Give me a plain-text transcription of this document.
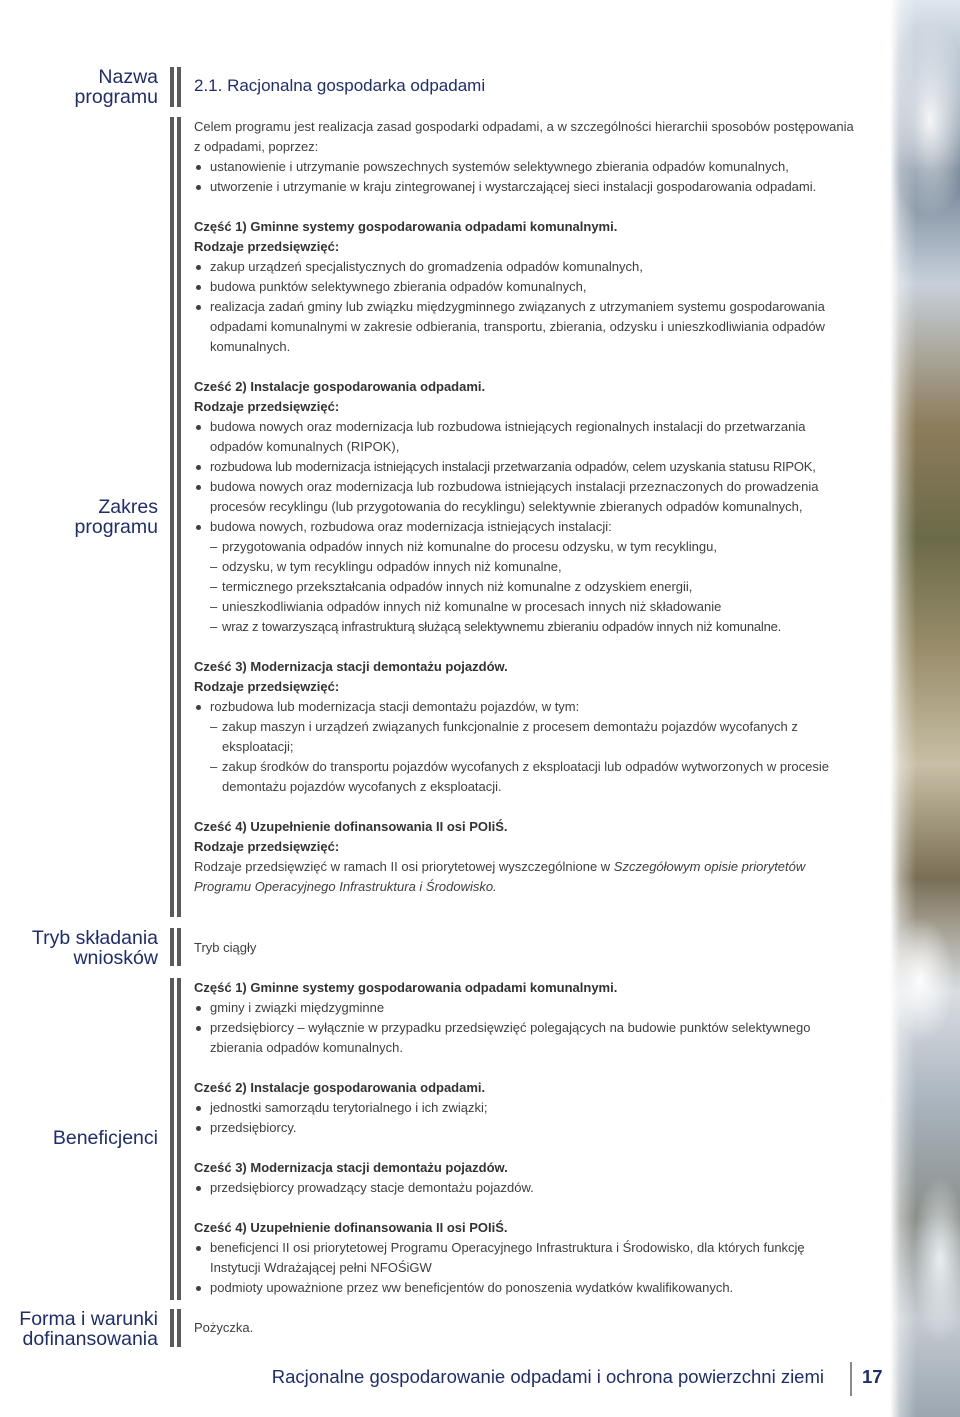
Nazwa
programu

2.1. Racjonalna gospodarka odpadami

Zakres
programu

Celem programu jest realizacja zasad gospodarki odpadami, a w szczególności hierarchii sposobów postępowania z odpadami, poprzez:

ustanowienie i utrzymanie powszechnych systemów selektywnego zbierania odpadów komunalnych,

utworzenie i utrzymanie w kraju zintegrowanej i wystarczającej sieci instalacji gospodarowania odpadami.

Część 1) Gminne systemy gospodarowania odpadami komunalnymi.

Rodzaje przedsięwzięć:

zakup urządzeń specjalistycznych do gromadzenia odpadów komunalnych,

budowa punktów selektywnego zbierania odpadów komunalnych,

realizacja zadań gminy lub związku międzygminnego związanych z utrzymaniem systemu gospodarowania odpadami komunalnymi w zakresie odbierania, transportu, zbierania, odzysku i unieszkodliwiania odpadów komunalnych.

Cześć 2) Instalacje gospodarowania odpadami.

Rodzaje przedsięwzięć:

budowa nowych oraz modernizacja lub rozbudowa istniejących regionalnych instalacji do przetwarzania odpadów komunalnych (RIPOK),

rozbudowa lub modernizacja istniejących instalacji przetwarzania odpadów, celem uzyskania statusu RIPOK,

budowa nowych oraz modernizacja lub rozbudowa istniejących instalacji przeznaczonych do prowadzenia procesów recyklingu (lub przygotowania do recyklingu) selektywnie zbieranych odpadów komunalnych,

budowa nowych, rozbudowa oraz modernizacja istniejących instalacji:

– przygotowania odpadów innych niż komunalne do procesu odzysku, w tym recyklingu,

– odzysku, w tym recyklingu odpadów innych niż komunalne,

– termicznego przekształcania odpadów innych niż komunalne z odzyskiem energii,

– unieszkodliwiania odpadów innych niż komunalne w procesach innych niż składowanie

– wraz z towarzyszącą infrastrukturą służącą selektywnemu zbieraniu odpadów innych niż komunalne.

Cześć 3) Modernizacja stacji demontażu pojazdów.

Rodzaje przedsięwzięć:

rozbudowa lub modernizacja stacji demontażu pojazdów, w tym:

– zakup maszyn i urządzeń związanych funkcjonalnie z procesem demontażu pojazdów wycofanych z eksploatacji;

– zakup środków do transportu pojazdów wycofanych z eksploatacji lub odpadów wytworzonych w procesie demontażu pojazdów wycofanych z eksploatacji.

Cześć 4) Uzupełnienie dofinansowania II osi POIiŚ.

Rodzaje przedsięwzięć:

Rodzaje przedsięwzięć w ramach II osi priorytetowej wyszczególnione w Szczegółowym opisie priorytetów Programu Operacyjnego Infrastruktura i Środowisko.

Tryb składania
wniosków	Tryb ciągły

Beneficjenci

Część 1) Gminne systemy gospodarowania odpadami komunalnymi.

gminy i związki międzygminne

przedsiębiorcy – wyłącznie w przypadku przedsięwzięć polegających na budowie punktów selektywnego zbierania odpadów komunalnych.

Cześć 2) Instalacje gospodarowania odpadami.

jednostki samorządu terytorialnego i ich związki;

przedsiębiorcy.

Cześć 3) Modernizacja stacji demontażu pojazdów.

przedsiębiorcy prowadzący stacje demontażu pojazdów.

Cześć 4) Uzupełnienie dofinansowania II osi POIiŚ.

beneficjenci II osi priorytetowej Programu Operacyjnego Infrastruktura i Środowisko, dla których funkcję Instytucji Wdrażającej pełni NFOŚiGW

podmioty upoważnione przez ww beneficjentów do ponoszenia wydatków kwalifikowanych.

Forma i warunki
dofinansowania

Pożyczka.

Racjonalne gospodarowanie odpadami i ochrona powierzchni ziemi 17
